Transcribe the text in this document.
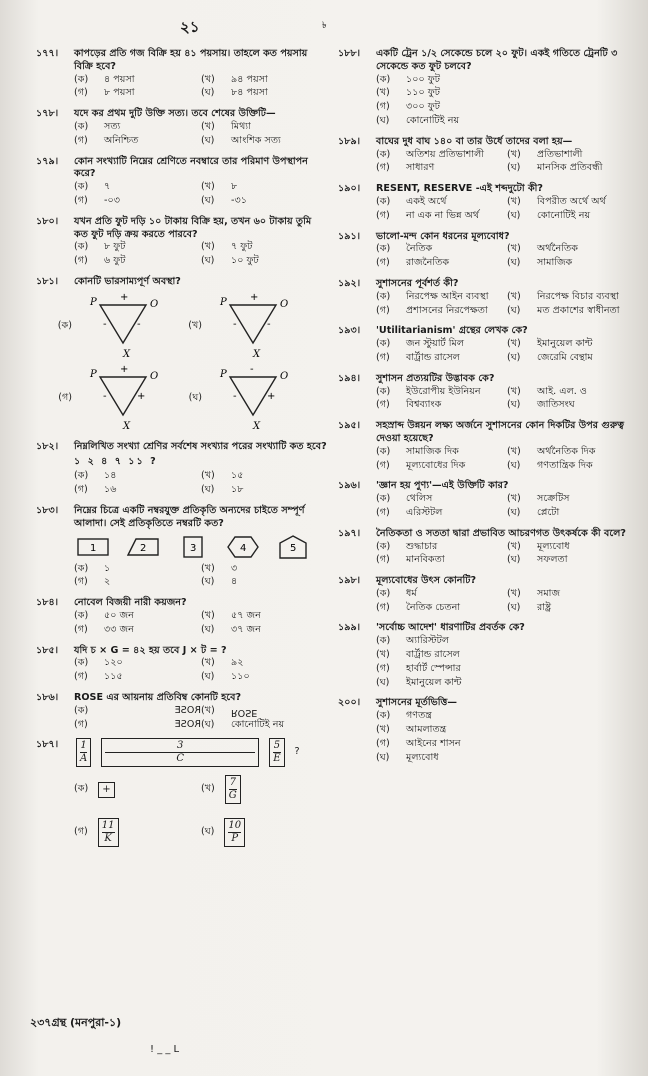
২১	৳
১৭৭।	কাপড়ের প্রতি গজ বিক্রি হয় ৪১ পয়সায়। তাহলে কত পয়সায় বিক্রি হবে?
(ক)	৪ পয়সা	(খ)	৯৪ পয়সা
(গ)	৮ পয়সা	(ঘ)	৮৪ পয়সা
১৭৮।	যদে কর প্রথম দুটি উক্তি সত্য। তবে শেষের উক্তিটি—
(ক)	সত্য	(খ)	মিথ্যা
(গ)	অনিশ্চিত	(ঘ)	আংশিক সত্য
১৭৯।	কোন সংখ্যাটি নিম্নের শ্রেণিতে নবম্বারে তার পরিমাণ উপস্থাপন করে?
(ক)	৭	(খ)	৮
(গ)	-০৩	(ঘ)	-৩১
১৮০।	যখন প্রতি ফুট দড়ি ১০ টাকায় বিক্রি হয়, তখন ৬০ টাকায় তুমি কত ফুট দড়ি ক্রয় করতে পারবে?
(ক)	৮ ফুট	(খ)	৭ ফুট
(গ)	৬ ফুট	(ঘ)	১০ ফুট
১৮১।	কোনটি ভারসাম্যপূর্ণ অবস্থা?
(ক)
P	O
X
+
-	-	(খ)
P	O
X
+
-	-
(গ)
P	O
X
+
-	+	(ঘ)
P	O
X
-
-	+
১৮২।	নিম্নলিখিত সংখ্যা শ্রেণির সর্বশেষ সংখ্যার পরের সংখ্যাটি কত হবে?
১ ২ ৪ ৭ ১১ ?
(ক)	১৪	(খ)	১৫
(গ)	১৬	(ঘ)	১৮
১৮৩।	নিম্নের চিত্রে একটি নম্বরযুক্ত প্রতিকৃতি অন্যদের চাইতে সম্পূর্ণ আলাদা। সেই প্রতিকৃতিতে নম্বরটি কত?
1	2	3	4	5
(ক)	১	(খ)	৩
(গ)	২	(ঘ)	৪
১৮৪।	নোবেল বিজয়ী নারী কয়জন?
(ক)	৫০ জন	(খ)	৫৭ জন
(গ)	৩৩ জন	(ঘ)	৩৭ জন
১৮৫।	যদি চ × G = ৪২ হয় তবে J × ট = ?
(ক)	১২০	(খ)	৯২
(গ)	১১৫	(ঘ)	১১০
১৮৬।	ROSE এর আয়নায় প্রতিবিম্ব কোনটি হবে?
(ক)	ROSE (খ)	ROSE
(গ)	ROSE (ঘ)	কোনোটিই নয়
১৮৭।	$\frac{1}{A} \frac{3}{C} \frac{5}{E}$ ?
(ক) +	(খ) $\frac{7}{G}$
(গ) $\frac{11}{K}$	(ঘ) $\frac{10}{P}$
১৮৮।	একটি ট্রেন ১/২ সেকেন্ডে চলে ২০ ফুট। একই গতিতে ট্রেনটি ৩ সেকেন্ডে কত ফুট চলবে?
(ক)	১০০ ফুট
(খ)	১১০ ফুট
(গ)	৩০০ ফুট
(ঘ)	কোনোটিই নয়
১৮৯।	বাঘের দুধ বাঘ ১৪০ বা তার উর্ধে তাদের বলা হয়—
(ক)	অতিশয় প্রতিভাশালী	(খ)	প্রতিভাশালী
(গ)	সাধারণ	(ঘ)	মানসিক প্রতিবন্ধী
১৯০।	RESENT, RESERVE -এই শব্দদুটো কী?
(ক)	একই অর্থে	(খ)	বিপরীত অর্থে অর্থ
(গ)	না এক না ভিন্ন অর্থ	(ঘ)	কোনোটিই নয়
১৯১।	ভালো-মন্দ কোন ধরনের মূল্যবোধ?
(ক)	নৈতিক	(খ)	অর্থনৈতিক
(গ)	রাজনৈতিক	(ঘ)	সামাজিক
১৯২।	সুশাসনের পূর্বশর্ত কী?
(ক)	নিরপেক্ষ আইন ব্যবস্থা	(খ)	নিরপেক্ষ বিচার ব্যবস্থা
(গ)	প্রশাসনের নিরপেক্ষতা	(ঘ)	মত প্রকাশের স্বাধীনতা
১৯৩।	'Utilitarianism' গ্রন্থের লেখক কে?
(ক)	জন স্টুয়ার্ট মিল	(খ)	ইমানুয়েল কান্ট
(গ)	বার্ট্রান্ড রাসেল	(ঘ)	জেরেমি বেন্থাম
১৯৪।	সুশাসন প্রত্যয়টির উদ্ভাবক কে?
(ক)	ইউরোপীয় ইউনিয়ন	(খ)	আই. এল. ও
(গ)	বিশ্বব্যাংক	(ঘ)	জাতিসংঘ
১৯৫।	সহস্রাব্দ উন্নয়ন লক্ষ্য অর্জনে সুশাসনের কোন দিকটির উপর গুরুত্ব দেওয়া হয়েছে?
(ক)	সামাজিক দিক	(খ)	অর্থনৈতিক দিক
(গ)	মূল্যবোধের দিক	(ঘ)	গণতান্ত্রিক দিক
১৯৬।	'জ্ঞান হয় পুণ্য'—এই উক্তিটি কার?
(ক)	থেলিস	(খ)	সক্রেটিস
(গ)	এরিস্টটল	(ঘ)	প্লেটো
১৯৭।	নৈতিকতা ও সততা দ্বারা প্রভাবিত আচরণগত উৎকর্ষকে কী বলে?
(ক)	শুদ্ধাচার	(খ)	মূল্যবোধ
(গ)	মানবিকতা	(ঘ)	সফলতা
১৯৮।	মূল্যবোধের উৎস কোনটি?
(ক)	ধর্ম	(খ)	সমাজ
(গ)	নৈতিক চেতনা	(ঘ)	রাষ্ট্র
১৯৯।	'সর্বোচ্চ আদেশ' ধারণাটির প্রবর্তক কে?
(ক)	অ্যারিস্টটল
(খ)	বার্ট্রান্ড রাসেল
(গ)	হার্বার্ট স্পেন্সার
(ঘ)	ইমানুয়েল কান্ট
২০০।	সুশাসনের মূর্তভিত্তি—
(ক)	গণতন্ত্র
(খ)	আমলাতন্ত্র
(গ)	আইনের শাসন
(ঘ)	মূল্যবোধ
২৩৭গ্রন্থ (মনপুরা-১)
! _ _ L
